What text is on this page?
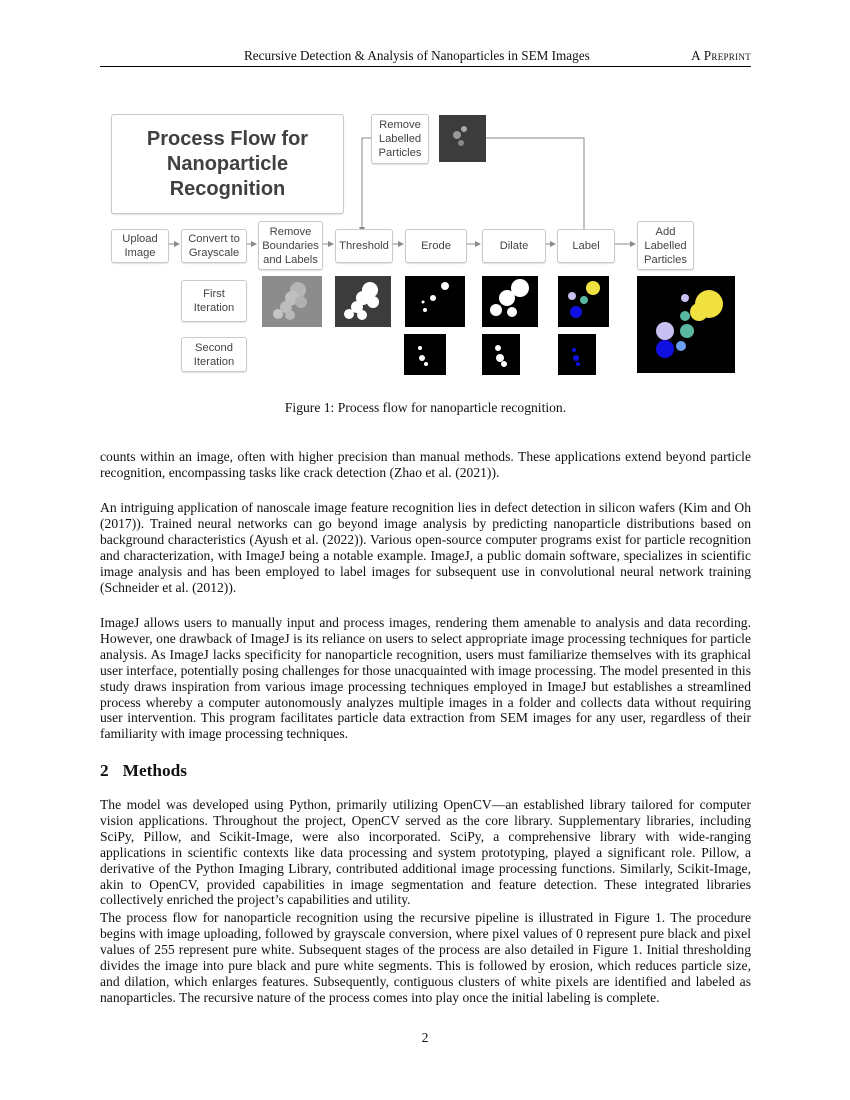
Recursive Detection & Analysis of Nanoparticles in SEM Images	A Preprint
Process Flow for Nanoparticle Recognition
Remove
Labelled
Particles
Upload
Image
Convert to
Grayscale
Remove
Boundaries
and Labels
Threshold	Erode	Dilate	Label
Add
Labelled
Particles
First
Iteration
Second
Iteration
Figure 1: Process flow for nanoparticle recognition.

counts within an image, often with higher precision than manual methods. These applications extend beyond particle recognition, encompassing tasks like crack detection (Zhao et al. (2021)).

An intriguing application of nanoscale image feature recognition lies in defect detection in silicon wafers (Kim and Oh (2017)). Trained neural networks can go beyond image analysis by predicting nanoparticle distributions based on background characteristics (Ayush et al. (2022)). Various open-source computer programs exist for particle recognition and characterization, with ImageJ being a notable example. ImageJ, a public domain software, specializes in scientific image analysis and has been employed to label images for subsequent use in convolutional neural network training (Schneider et al. (2012)).

ImageJ allows users to manually input and process images, rendering them amenable to analysis and data recording. However, one drawback of ImageJ is its reliance on users to select appropriate image processing techniques for particle analysis. As ImageJ lacks specificity for nanoparticle recognition, users must familiarize themselves with its graphical user interface, potentially posing challenges for those unacquainted with image processing. The model presented in this study draws inspiration from various image processing techniques employed in ImageJ but establishes a streamlined process whereby a computer autonomously analyzes multiple images in a folder and collects data without requiring user intervention. This program facilitates particle data extraction from SEM images for any user, regardless of their familiarity with image processing techniques.

2 Methods

The model was developed using Python, primarily utilizing OpenCV—an established library tailored for computer vision applications. Throughout the project, OpenCV served as the core library. Supplementary libraries, including SciPy, Pillow, and Scikit-Image, were also incorporated. SciPy, a comprehensive library with wide-ranging applications in scientific contexts like data processing and system prototyping, played a significant role. Pillow, a derivative of the Python Imaging Library, contributed additional image processing functions. Similarly, Scikit-Image, akin to OpenCV, provided capabilities in image segmentation and feature detection. These integrated libraries collectively enriched the project’s capabilities and utility.

The process flow for nanoparticle recognition using the recursive pipeline is illustrated in Figure 1. The procedure begins with image uploading, followed by grayscale conversion, where pixel values of 0 represent pure black and pixel values of 255 represent pure white. Subsequent stages of the process are also detailed in Figure 1. Initial thresholding divides the image into pure black and pure white segments. This is followed by erosion, which reduces particle size, and dilation, which enlarges features. Subsequently, contiguous clusters of white pixels are identified and labeled as nanoparticles. The recursive nature of the process comes into play once the initial labeling is complete.

2
